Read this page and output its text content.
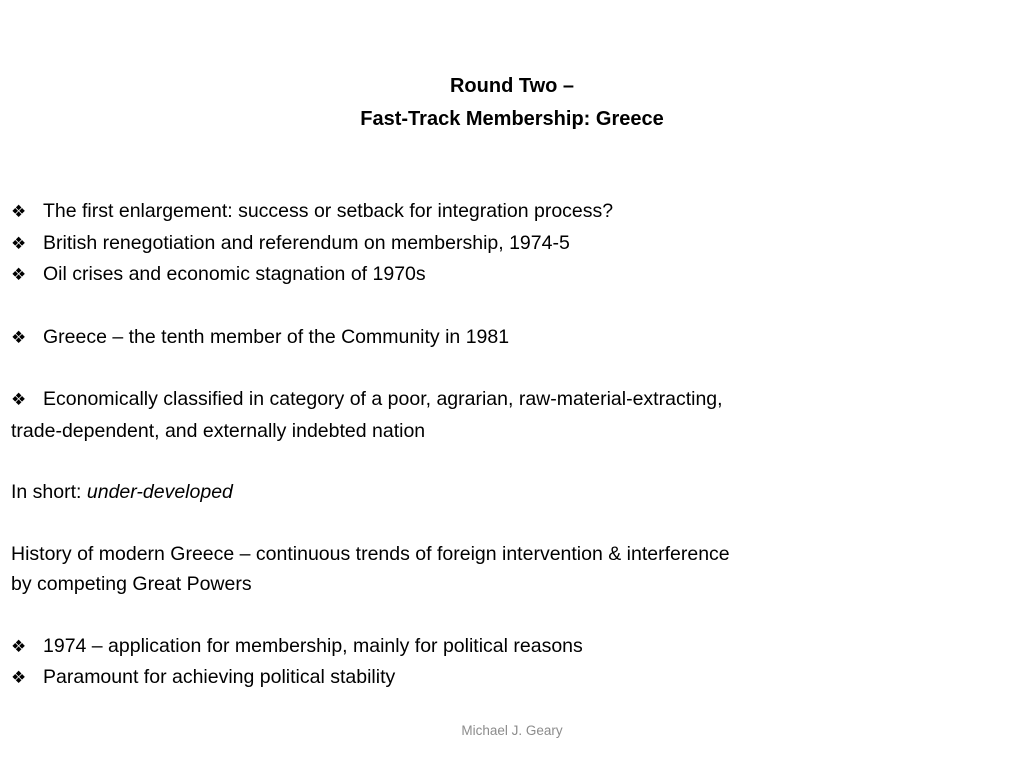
Round Two –
Fast-Track Membership: Greece
❖ The first enlargement: success or setback for integration process?
❖ British renegotiation and referendum on membership, 1974-5
❖ Oil crises and economic stagnation of 1970s
❖ Greece – the tenth member of the Community in 1981
❖ Economically classified in category of a poor, agrarian, raw-material-extracting,
trade-dependent, and externally indebted nation
In short: under-developed
History of modern Greece – continuous trends of foreign intervention & interference
by competing Great Powers
❖ 1974 – application for membership, mainly for political reasons
❖ Paramount for achieving political stability
Michael J. Geary
